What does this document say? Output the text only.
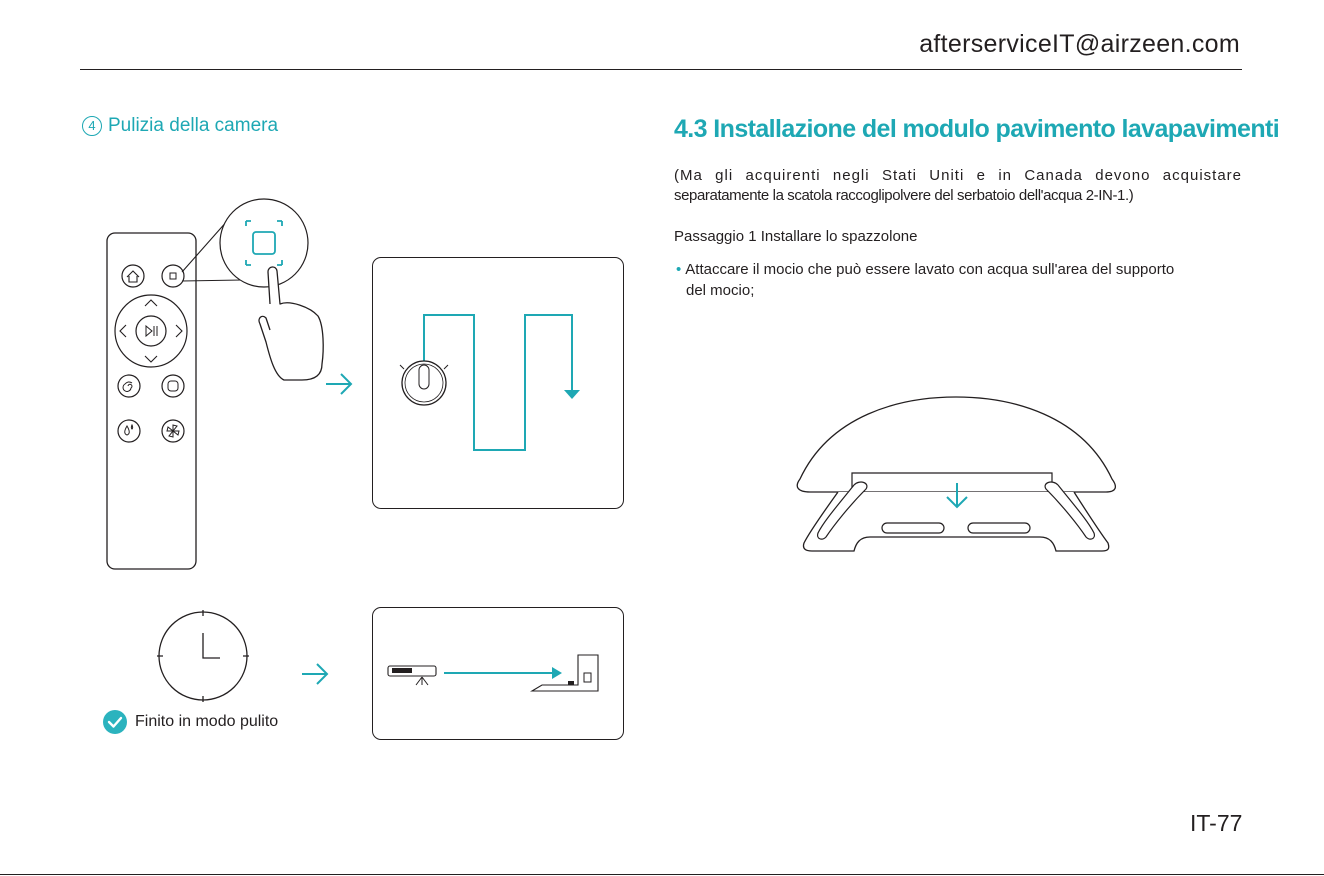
afterserviceIT@airzeen.com
4 Pulizia della camera	4.3 Installazione del modulo pavimento lavapavimenti
(Ma gli acquirenti negli Stati Uniti e in Canada devono acquistare
separatamente la scatola raccoglipolvere del serbatoio dell'acqua 2-IN-1.)
Passaggio 1 Installare lo spazzolone
• Attaccare il mocio che può essere lavato con acqua sull'area del supporto
del mocio;
Finito in modo pulito
IT-77
